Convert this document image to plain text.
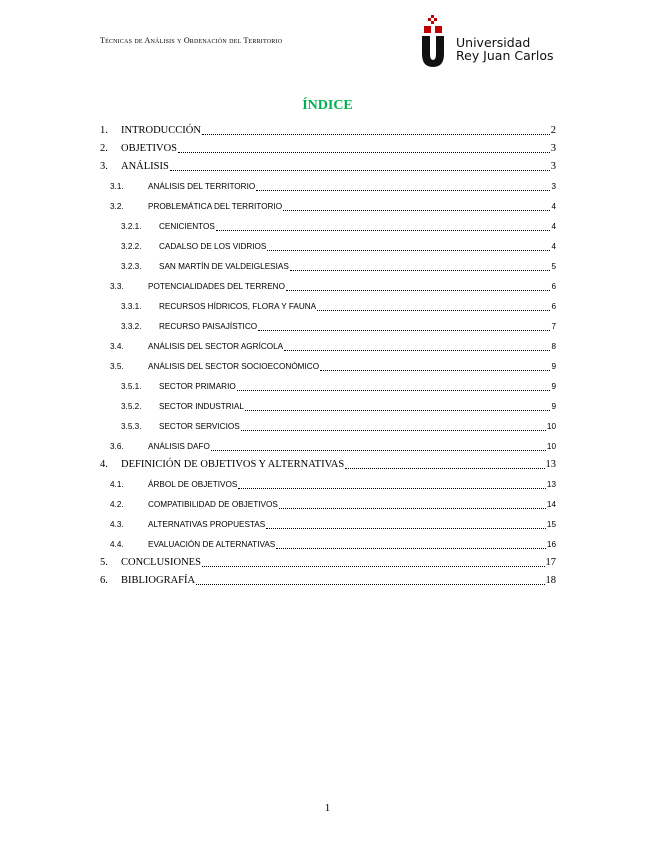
Técnicas de Análisis y Ordenación del Territorio	Universidad
Rey Juan Carlos
ÍNDICE
1.	INTRODUCCIÓN	2
2.	OBJETIVOS	3
3.	ANÁLISIS	3
3.1.	ANÁLISIS DEL TERRITORIO	3
3.2.	PROBLEMÁTICA DEL TERRITORIO	4
3.2.1.	CENICIENTOS	4
3.2.2.	CADALSO DE LOS VIDRIOS	4
3.2.3.	SAN MARTÍN DE VALDEIGLESIAS	5
3.3.	POTENCIALIDADES DEL TERRENO	6
3.3.1.	RECURSOS HÍDRICOS, FLORA Y FAUNA	6
3.3.2.	RECURSO PAISAJÍSTICO	7
3.4.	ANÁLISIS DEL SECTOR AGRÍCOLA	8
3.5.	ANÁLISIS DEL SECTOR SOCIOECONÓMICO	9
3.5.1.	SECTOR PRIMARIO	9
3.5.2.	SECTOR INDUSTRIAL	9
3.5.3.	SECTOR SERVICIOS	10
3.6.	ANÁLISIS DAFO	10
4.	DEFINICIÓN DE OBJETIVOS Y ALTERNATIVAS	13
4.1.	ÁRBOL DE OBJETIVOS	13
4.2.	COMPATIBILIDAD DE OBJETIVOS	14
4.3.	ALTERNATIVAS PROPUESTAS	15
4.4.	EVALUACIÓN DE ALTERNATIVAS	16
5.	CONCLUSIONES	17
6.	BIBLIOGRAFÍA	18
1
